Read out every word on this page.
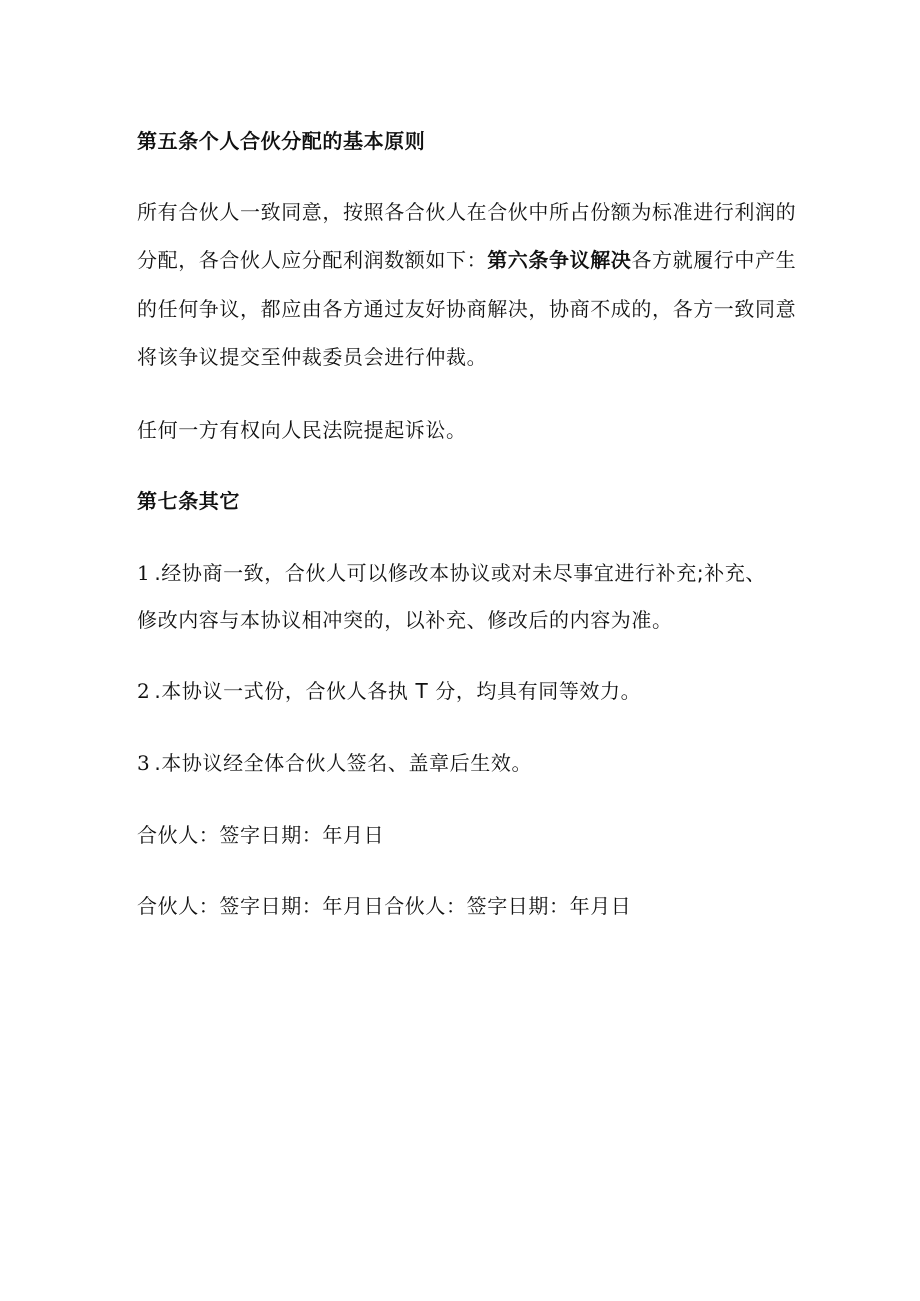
第五条个人合伙分配的基本原则
所有合伙人一致同意，按照各合伙人在合伙中所占份额为标准进行利润的
分配，各合伙人应分配利润数额如下：第六条争议解决各方就履行中产生
的任何争议，都应由各方通过友好协商解决，协商不成的，各方一致同意
将该争议提交至仲裁委员会进行仲裁。
任何一方有权向人民法院提起诉讼。
第七条其它
1 .经协商一致，合伙人可以修改本协议或对未尽事宜进行补充;补充、
修改内容与本协议相冲突的，以补充、修改后的内容为准。
2 .本协议一式份，合伙人各执 T 分，均具有同等效力。
3 .本协议经全体合伙人签名、盖章后生效。
合伙人：签字日期：年月日
合伙人：签字日期：年月日合伙人：签字日期：年月日
